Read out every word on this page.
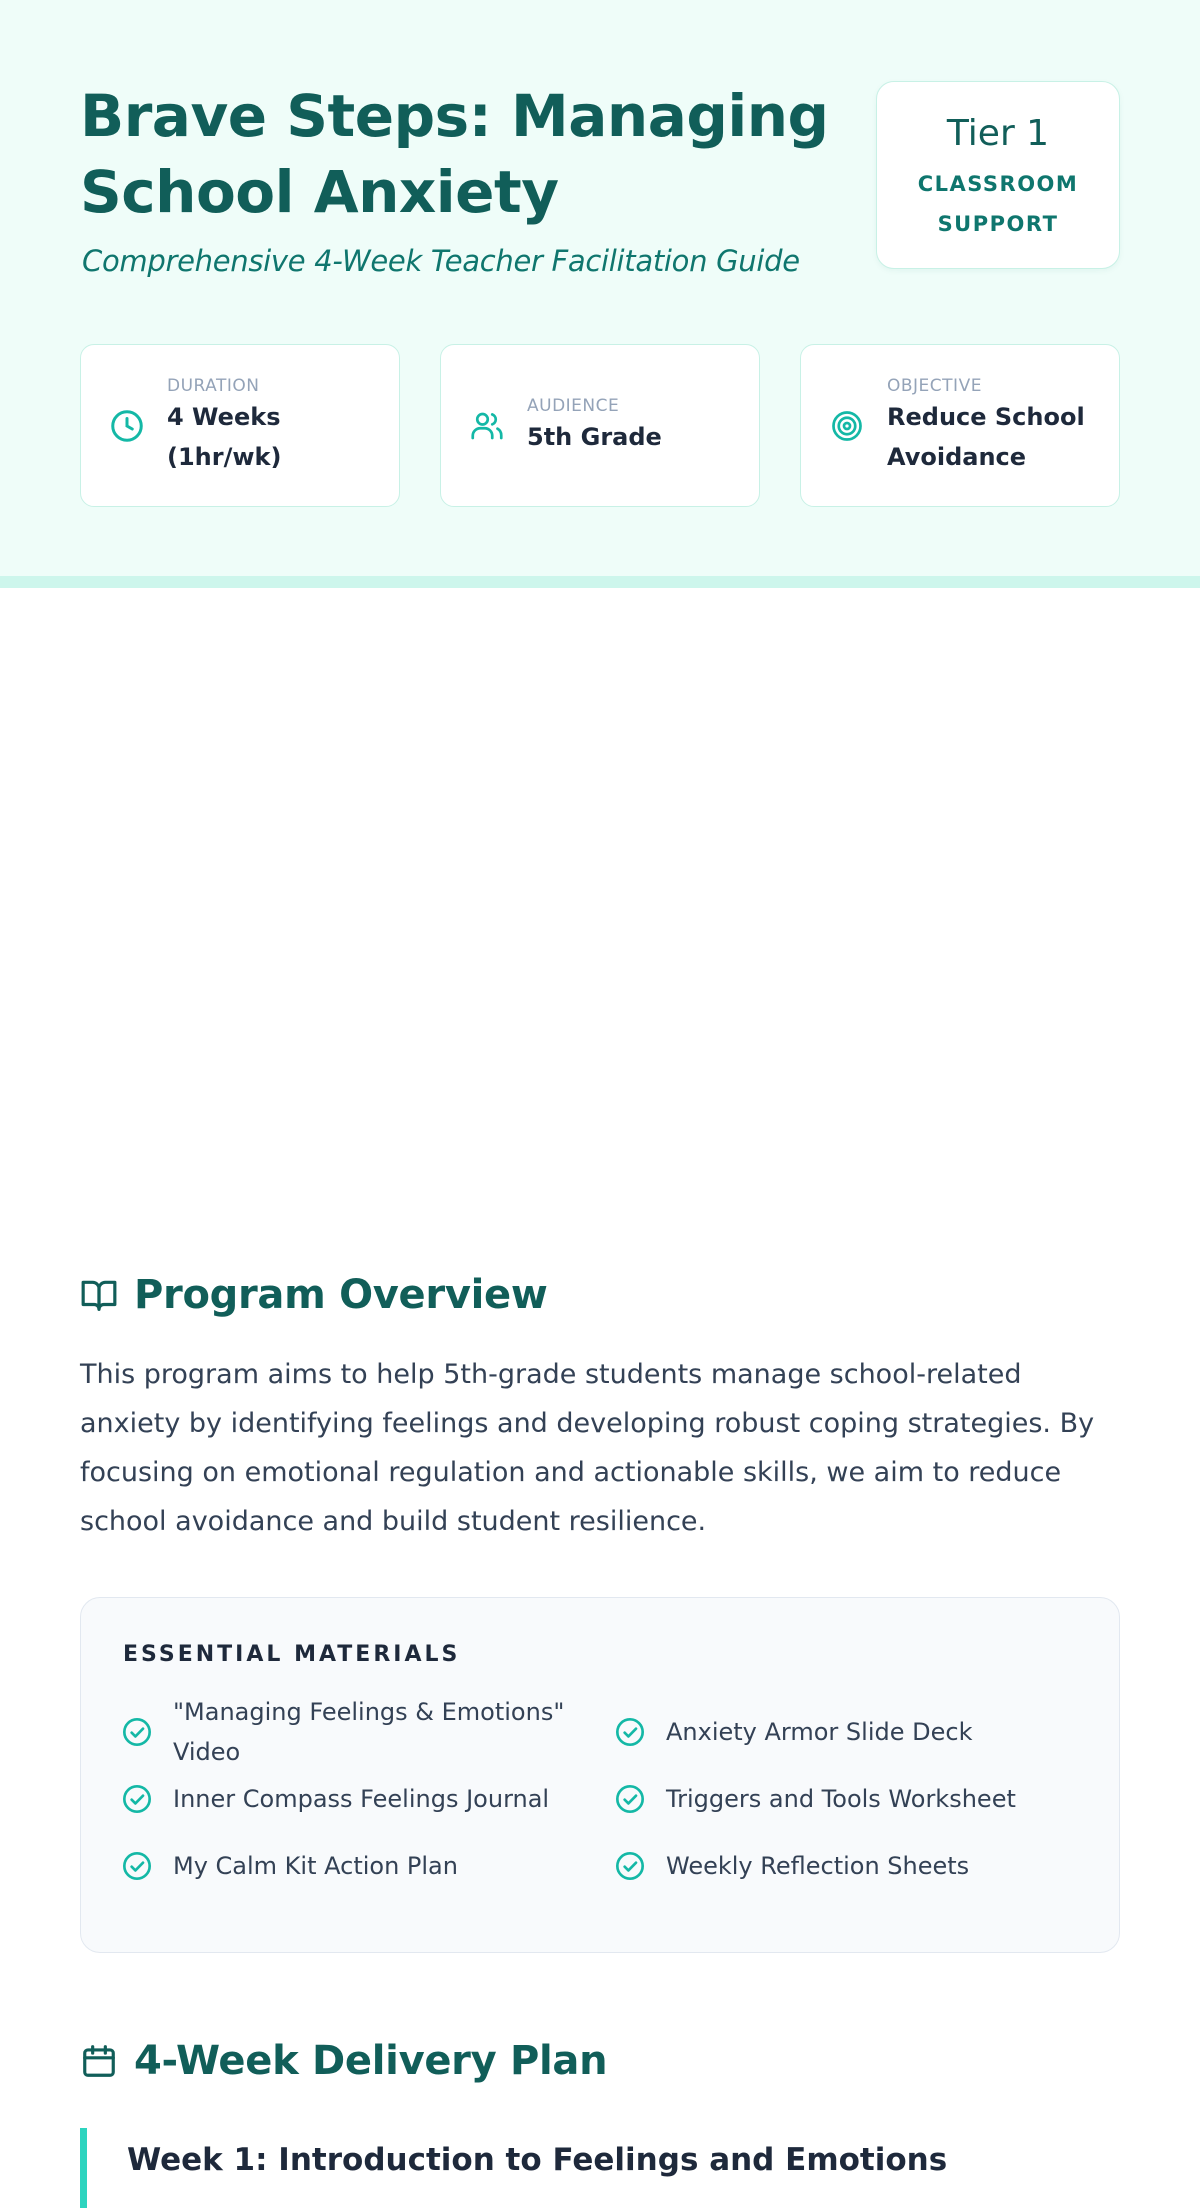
Brave Steps: Managing School Anxiety

Comprehensive 4-Week Teacher Facilitation Guide

Tier 1
CLASSROOM SUPPORT
DURATION
4 Weeks (1hr/wk)
AUDIENCE
5th Grade
OBJECTIVE
Reduce School Avoidance
Program Overview

This program aims to help 5th-grade students manage school-related anxiety by identifying feelings and developing robust coping strategies. By focusing on emotional regulation and actionable skills, we aim to reduce school avoidance and build student resilience.

ESSENTIAL MATERIALS
"Managing Feelings & Emotions" Video
Anxiety Armor Slide Deck
Inner Compass Feelings Journal	Triggers and Tools Worksheet
My Calm Kit Action Plan	Weekly Reflection Sheets
4-Week Delivery Plan
Week 1: Introduction to Feelings and Emotions
